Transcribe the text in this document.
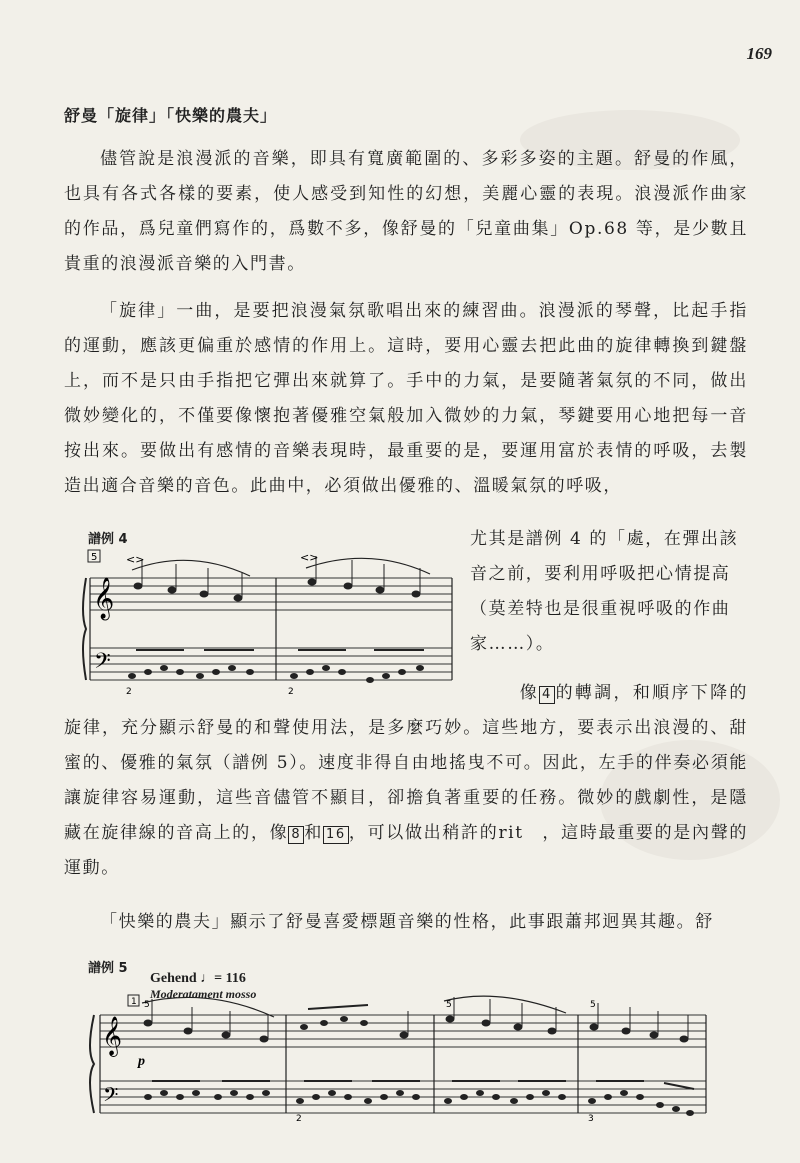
169
舒曼「旋律」「快樂的農夫」

儘管說是浪漫派的音樂，即具有寬廣範圍的、多彩多姿的主題。舒曼的作風，也具有各式各樣的要素，使人感受到知性的幻想，美麗心靈的表現。浪漫派作曲家的作品，爲兒童們寫作的，爲數不多，像舒曼的「兒童曲集」Op.68 等，是少數且貴重的浪漫派音樂的入門書。

「旋律」一曲，是要把浪漫氣氛歌唱出來的練習曲。浪漫派的琴聲，比起手指的運動，應該更偏重於感情的作用上。這時，要用心靈去把此曲的旋律轉換到鍵盤上，而不是只由手指把它彈出來就算了。手中的力氣，是要隨著氣氛的不同，做出微妙變化的，不僅要像懷抱著優雅空氣般加入微妙的力氣，琴鍵要用心地把每一音按出來。要做出有感情的音樂表現時，最重要的是，要運用富於表情的呼吸，去製造出適合音樂的音色。此曲中，必須做出優雅的、溫暖氣氛的呼吸，

譜例 4
5
𝄞
𝄢
<>	<>
2	2

尤其是譜例 4 的「處，在彈出該音之前，要利用呼吸把心情提高（莫差特也是很重視呼吸的作曲家……）。

像 4 的轉調，和順序下降的旋律，充分顯示舒曼的和聲使用法，是多麼巧妙。這些地方，要表示出浪漫的、甜蜜的、優雅的氣氛（譜例 5）。速度非得自由地搖曳不可。因此，左手的伴奏必須能讓旋律容易運動，這些音儘管不顯目，卻擔負著重要的任務。微妙的戲劇性，是隱藏在旋律線的音高上的，像 8 和 16 ，可以做出稍許的rit　，這時最重要的是內聲的運動。

「快樂的農夫」顯示了舒曼喜愛標題音樂的性格，此事跟蕭邦迥異其趣。舒

譜例 5
Gehend ♩= 116
Moderatament mosso
1
𝄞
𝄢
p
5	5	5
2	3
